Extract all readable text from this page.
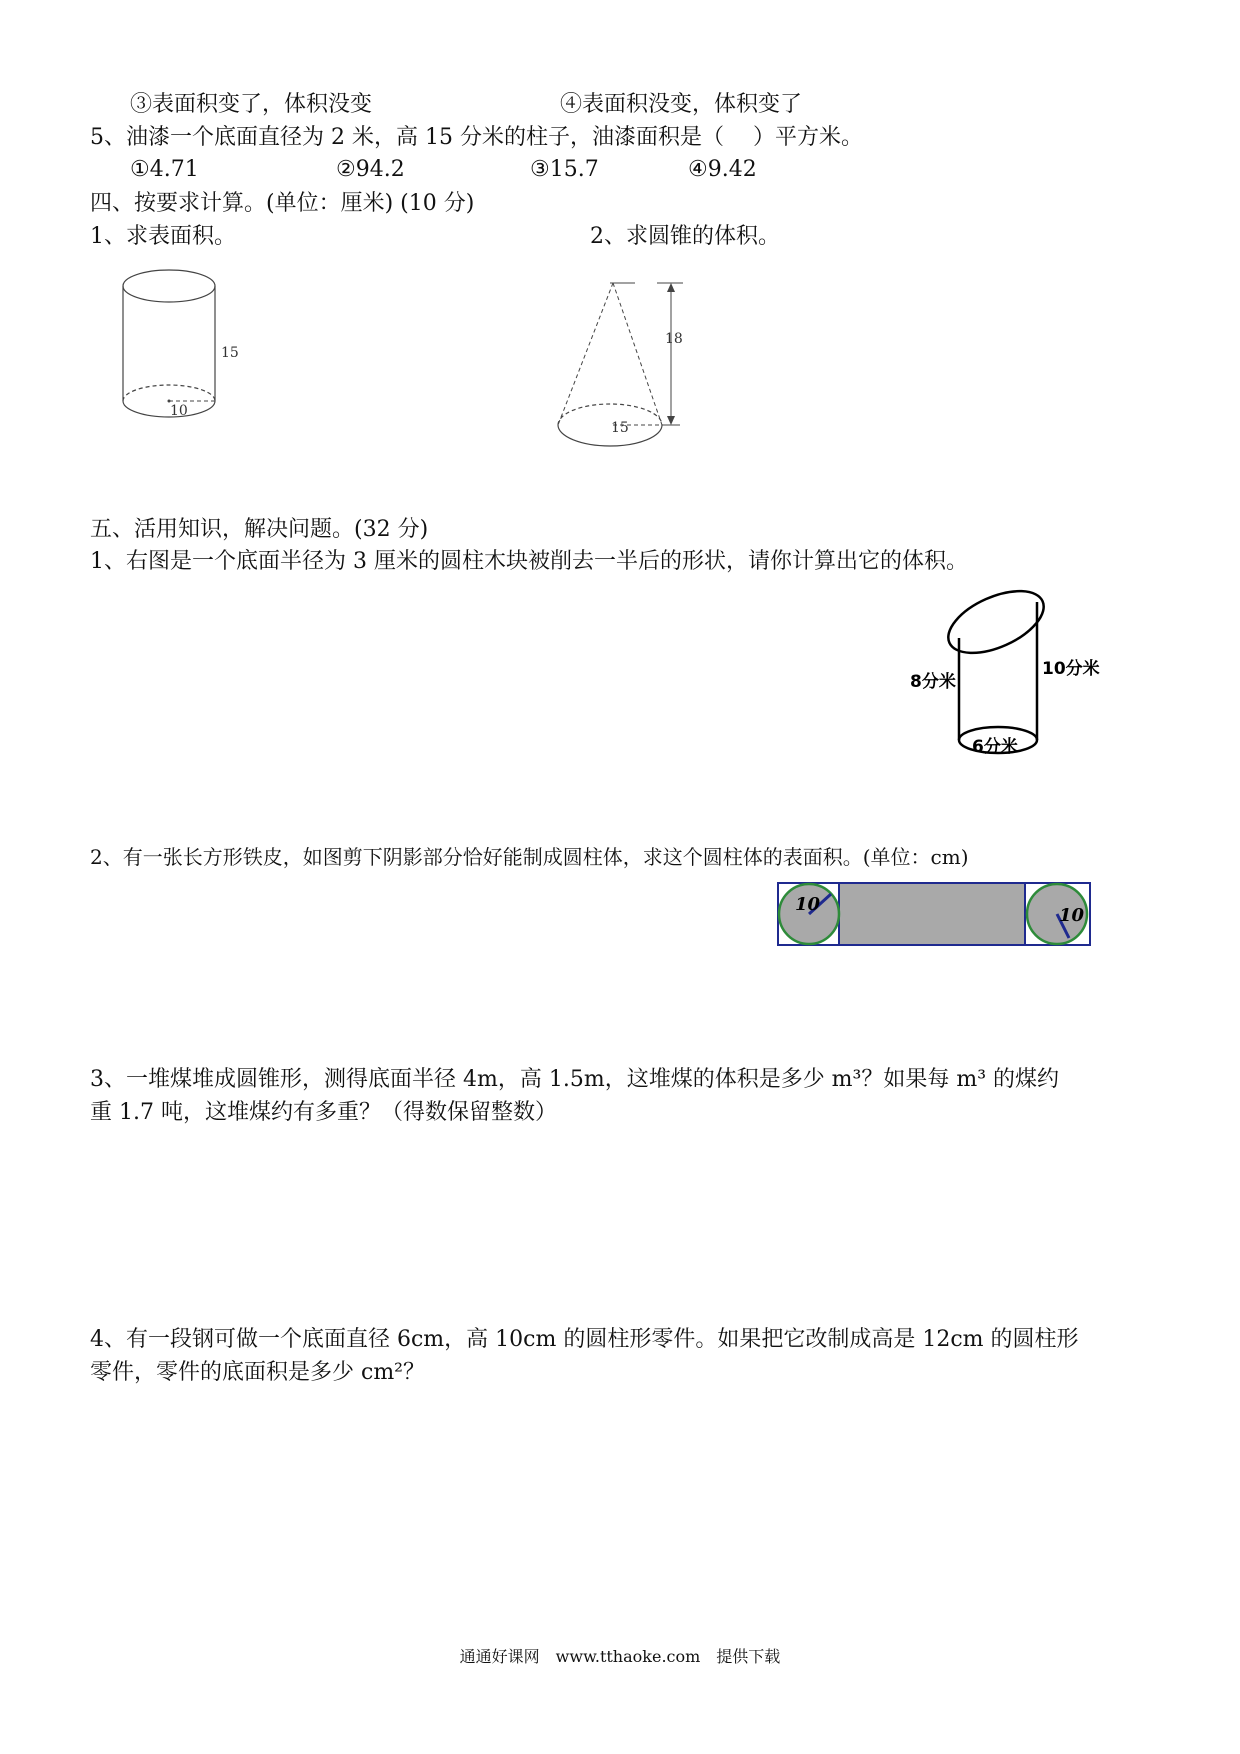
③表面积变了，体积没变	④表面积没变，体积变了
5、油漆一个底面直径为 2 米，高 15 分米的柱子，油漆面积是（　 ）平方米。
①4.71	②94.2	③15.7	④9.42
四、按要求计算。(单位：厘米) (10 分)
1、求表面积。	2、求圆锥的体积。
15
10
18
15
五、活用知识，解决问题。(32 分)
1、右图是一个底面半径为 3 厘米的圆柱木块被削去一半后的形状，请你计算出它的体积。
8分米
10分米
6分米
2、有一张长方形铁皮，如图剪下阴影部分恰好能制成圆柱体，求这个圆柱体的表面积。(单位：cm)
10
10
3、一堆煤堆成圆锥形，测得底面半径 4m，高 1.5m，这堆煤的体积是多少 m³？如果每 m³ 的煤约
重 1.7 吨，这堆煤约有多重？（得数保留整数）
4、有一段钢可做一个底面直径 6cm，高 10cm 的圆柱形零件。如果把它改制成高是 12cm 的圆柱形
零件，零件的底面积是多少 cm²？
通通好课网　www.tthaoke.com　提供下载
